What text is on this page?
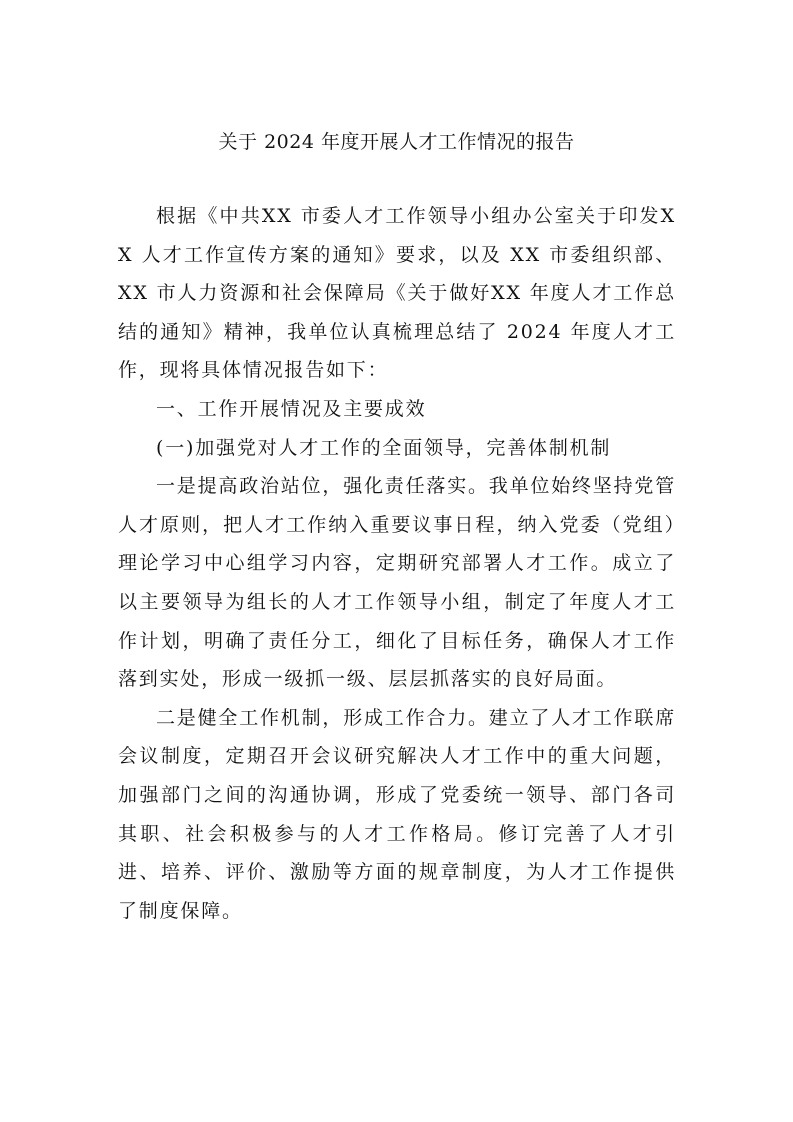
关于 2024 年度开展人才工作情况的报告

根据《中共XX 市委人才工作领导小组办公室关于印发XX 人才工作宣传方案的通知》要求，以及 XX 市委组织部、XX 市人力资源和社会保障局《关于做好XX 年度人才工作总结的通知》精神，我单位认真梳理总结了 2024 年度人才工作，现将具体情况报告如下：

一、工作开展情况及主要成效

(一)加强党对人才工作的全面领导，完善体制机制

一是提高政治站位，强化责任落实。我单位始终坚持党管人才原则，把人才工作纳入重要议事日程，纳入党委（党组）理论学习中心组学习内容，定期研究部署人才工作。成立了以主要领导为组长的人才工作领导小组，制定了年度人才工作计划，明确了责任分工，细化了目标任务，确保人才工作落到实处，形成一级抓一级、层层抓落实的良好局面。

二是健全工作机制，形成工作合力。建立了人才工作联席会议制度，定期召开会议研究解决人才工作中的重大问题，加强部门之间的沟通协调，形成了党委统一领导、部门各司其职、社会积极参与的人才工作格局。修订完善了人才引进、培养、评价、激励等方面的规章制度，为人才工作提供了制度保障。
